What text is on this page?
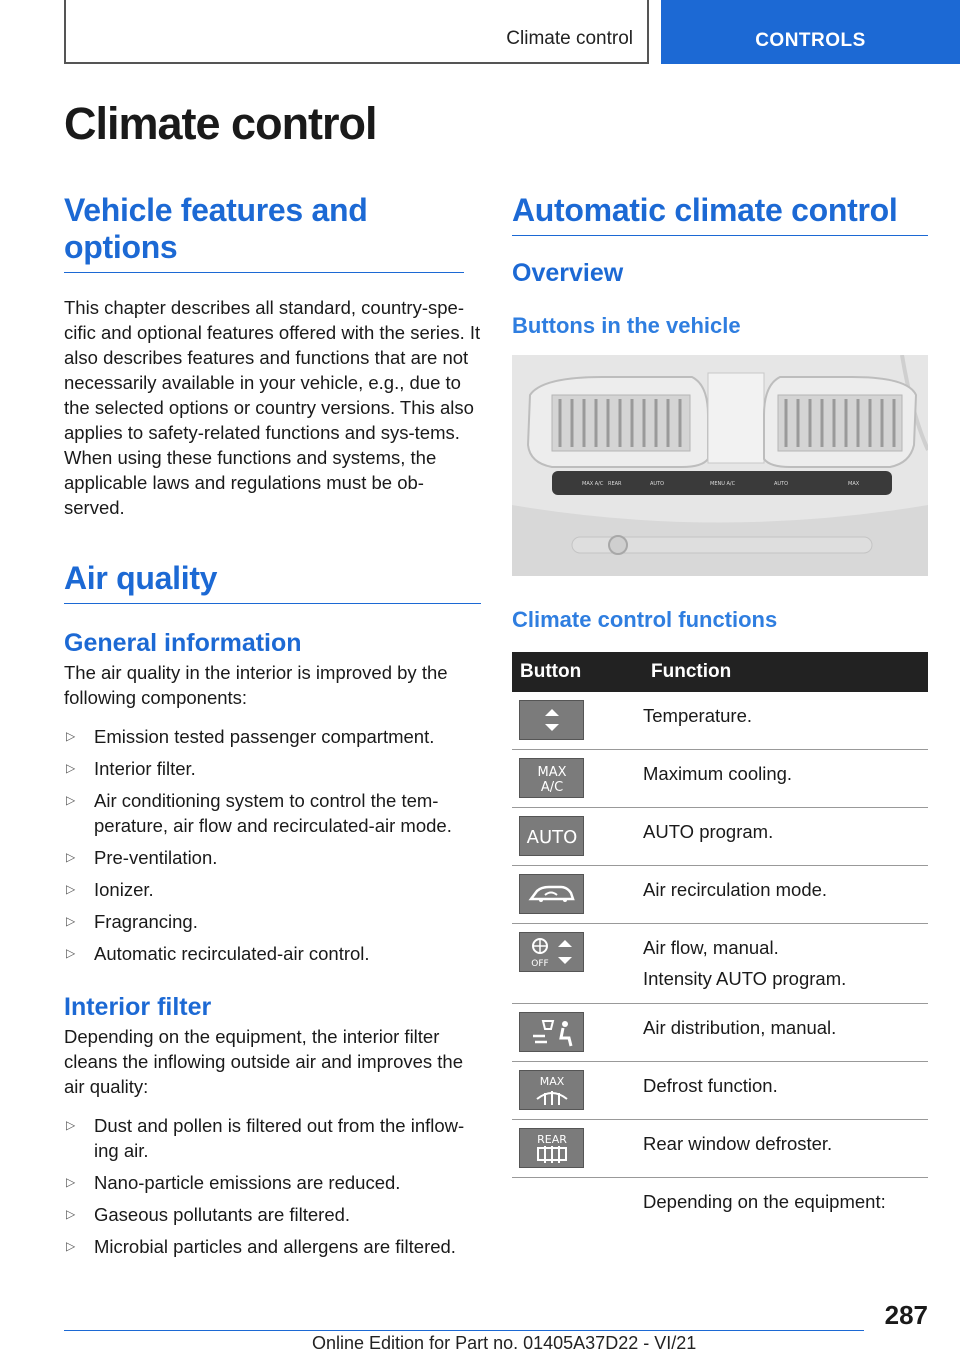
Climate control	CONTROLS
Climate control
Vehicle features and options

This chapter describes all standard, country-spe‐cific and optional features offered with the series. It also describes features and functions that are not necessarily available in your vehicle, e.g., due to the selected options or country versions. This also applies to safety-related functions and sys‐tems. When using these functions and systems, the applicable laws and regulations must be ob‐served.

Air quality
General information

The air quality in the interior is improved by the following components:

▷ Emission tested passenger compartment.
▷ Interior filter.
▷ Air conditioning system to control the tem‐perature, air flow and recirculated-air mode.
▷ Pre-ventilation.
▷ Ionizer.
▷ Fragrancing.
▷ Automatic recirculated-air control.
Interior filter

Depending on the equipment, the interior filter cleans the inflowing outside air and improves the air quality:

▷ Dust and pollen is filtered out from the inflow‐ing air.
▷ Nano-particle emissions are reduced.
▷ Gaseous pollutants are filtered.
▷ Microbial particles and allergens are filtered.
Automatic climate control
Overview
Buttons in the vehicle
MAX A/C REAR	AUTO	MENU A/C	AUTO	MAX
Climate control functions
Button	Function

Temperature.

MAX
A/C	Maximum cooling.

AUTO	AUTO program.

Air recirculation mode.

OFF	Air flow, manual.
Intensity AUTO program.

Air distribution, manual.

MAX	Defrost function.

REAR	Rear window defroster.

	Depending on the equipment:
287
Online Edition for Part no. 01405A37D22 - VI/21
